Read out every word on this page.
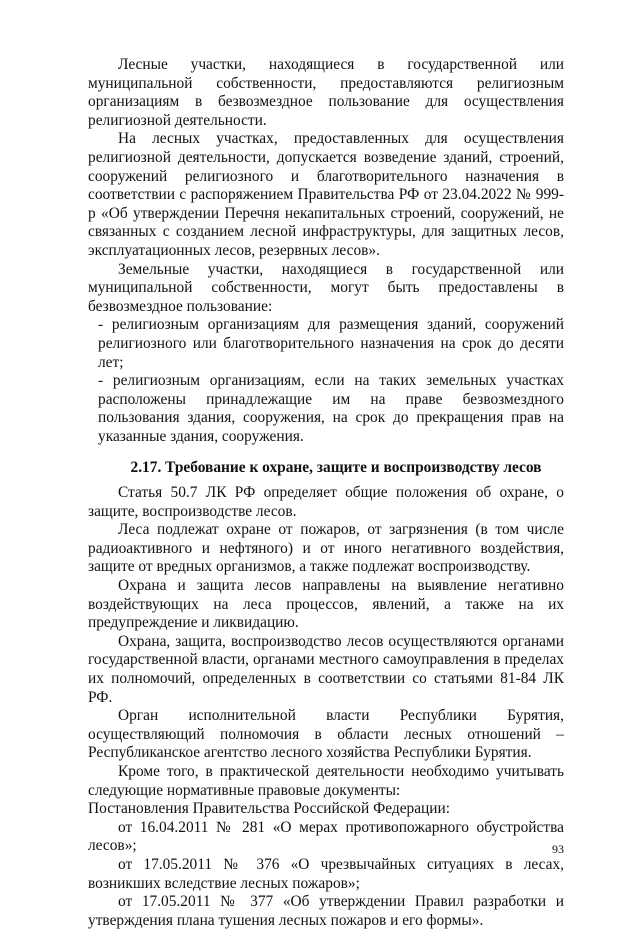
Лесные участки, находящиеся в государственной или муниципальной собственности, предоставляются религиозным организациям в безвозмездное пользование для осуществления религиозной деятельности.

На лесных участках, предоставленных для осуществления религиозной деятельности, допускается возведение зданий, строений, сооружений религиозного и благотворительного назначения в соответствии с распоряжением Правительства РФ от 23.04.2022 № 999-р «Об утверждении Перечня некапитальных строений, сооружений, не связанных с созданием лесной инфраструктуры, для защитных лесов, эксплуатационных лесов, резервных лесов».

Земельные участки, находящиеся в государственной или муниципальной собственности, могут быть предоставлены в безвозмездное пользование:

- религиозным организациям для размещения зданий, сооружений религиозного или благотворительного назначения на срок до десяти лет;

- религиозным организациям, если на таких земельных участках расположены принадлежащие им на праве безвозмездного пользования здания, сооружения, на срок до прекращения прав на указанные здания, сооружения.

2.17. Требование к охране, защите и воспроизводству лесов

Статья 50.7 ЛК РФ определяет общие положения об охране, о защите, воспроизводстве лесов.

Леса подлежат охране от пожаров, от загрязнения (в том числе радиоактивного и нефтяного) и от иного негативного воздействия, защите от вредных организмов, а также подлежат воспроизводству.

Охрана и защита лесов направлены на выявление негативно воздействующих на леса процессов, явлений, а также на их предупреждение и ликвидацию.

Охрана, защита, воспроизводство лесов осуществляются органами государственной власти, органами местного самоуправления в пределах их полномочий, определенных в соответствии со статьями 81-84 ЛК РФ.

Орган исполнительной власти Республики Бурятия, осуществляющий полномочия в области лесных отношений – Республиканское агентство лесного хозяйства Республики Бурятия.

Кроме того, в практической деятельности необходимо учитывать следующие нормативные правовые документы:

Постановления Правительства Российской Федерации:

от 16.04.2011 № 281 «О мерах противопожарного обустройства лесов»;

от 17.05.2011 № 376 «О чрезвычайных ситуациях в лесах, возникших вследствие лесных пожаров»;

от 17.05.2011 № 377 «Об утверждении Правил разработки и утверждения плана тушения лесных пожаров и его формы».

93
